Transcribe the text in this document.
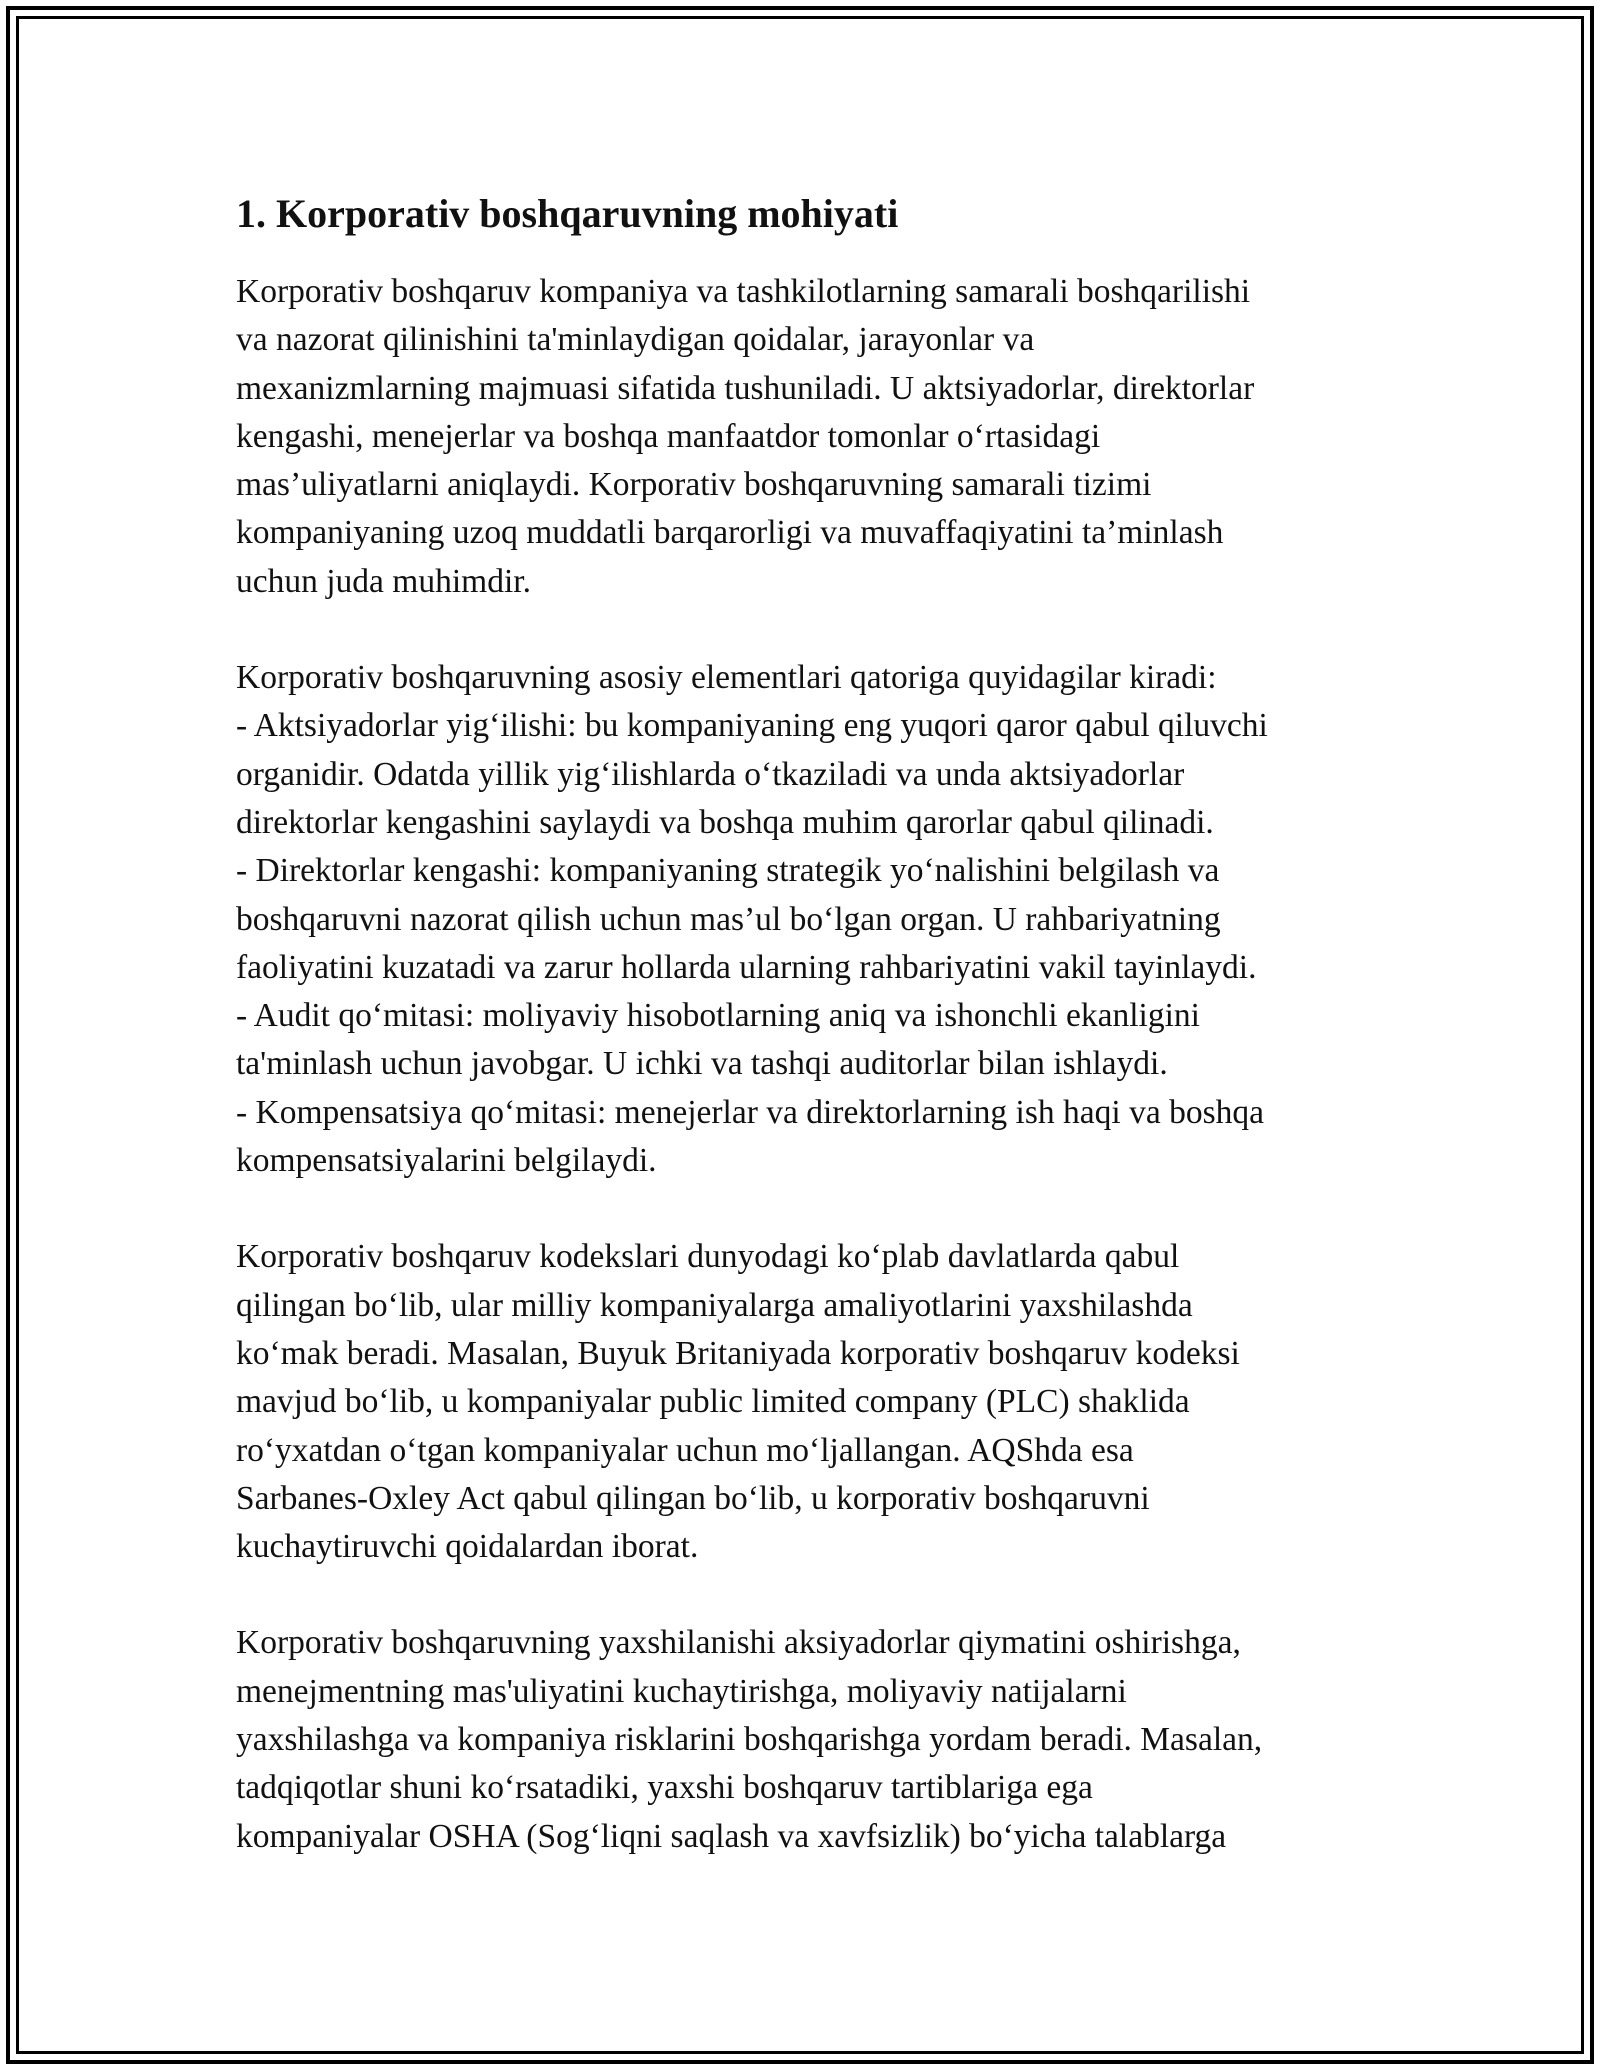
1. Korporativ boshqaruvning mohiyati

Korporativ boshqaruv kompaniya va tashkilotlarning samarali boshqarilishi
va nazorat qilinishini ta'minlaydigan qoidalar, jarayonlar va
mexanizmlarning majmuasi sifatida tushuniladi. U aktsiyadorlar, direktorlar
kengashi, menejerlar va boshqa manfaatdor tomonlar o‘rtasidagi
mas’uliyatlarni aniqlaydi. Korporativ boshqaruvning samarali tizimi
kompaniyaning uzoq muddatli barqarorligi va muvaffaqiyatini ta’minlash
uchun juda muhimdir.

Korporativ boshqaruvning asosiy elementlari qatoriga quyidagilar kiradi:
- Aktsiyadorlar yig‘ilishi: bu kompaniyaning eng yuqori qaror qabul qiluvchi
organidir. Odatda yillik yig‘ilishlarda o‘tkaziladi va unda aktsiyadorlar
direktorlar kengashini saylaydi va boshqa muhim qarorlar qabul qilinadi.
- Direktorlar kengashi: kompaniyaning strategik yo‘nalishini belgilash va
boshqaruvni nazorat qilish uchun mas’ul bo‘lgan organ. U rahbariyatning
faoliyatini kuzatadi va zarur hollarda ularning rahbariyatini vakil tayinlaydi.
- Audit qo‘mitasi: moliyaviy hisobotlarning aniq va ishonchli ekanligini
ta'minlash uchun javobgar. U ichki va tashqi auditorlar bilan ishlaydi.
- Kompensatsiya qo‘mitasi: menejerlar va direktorlarning ish haqi va boshqa
kompensatsiyalarini belgilaydi.

Korporativ boshqaruv kodekslari dunyodagi ko‘plab davlatlarda qabul
qilingan bo‘lib, ular milliy kompaniyalarga amaliyotlarini yaxshilashda
ko‘mak beradi. Masalan, Buyuk Britaniyada korporativ boshqaruv kodeksi
mavjud bo‘lib, u kompaniyalar public limited company (PLC) shaklida
ro‘yxatdan o‘tgan kompaniyalar uchun mo‘ljallangan. AQShda esa
Sarbanes-Oxley Act qabul qilingan bo‘lib, u korporativ boshqaruvni
kuchaytiruvchi qoidalardan iborat.

Korporativ boshqaruvning yaxshilanishi aksiyadorlar qiymatini oshirishga,
menejmentning mas'uliyatini kuchaytirishga, moliyaviy natijalarni
yaxshilashga va kompaniya risklarini boshqarishga yordam beradi. Masalan,
tadqiqotlar shuni ko‘rsatadiki, yaxshi boshqaruv tartiblariga ega
kompaniyalar OSHA (Sog‘liqni saqlash va xavfsizlik) bo‘yicha talablarga
